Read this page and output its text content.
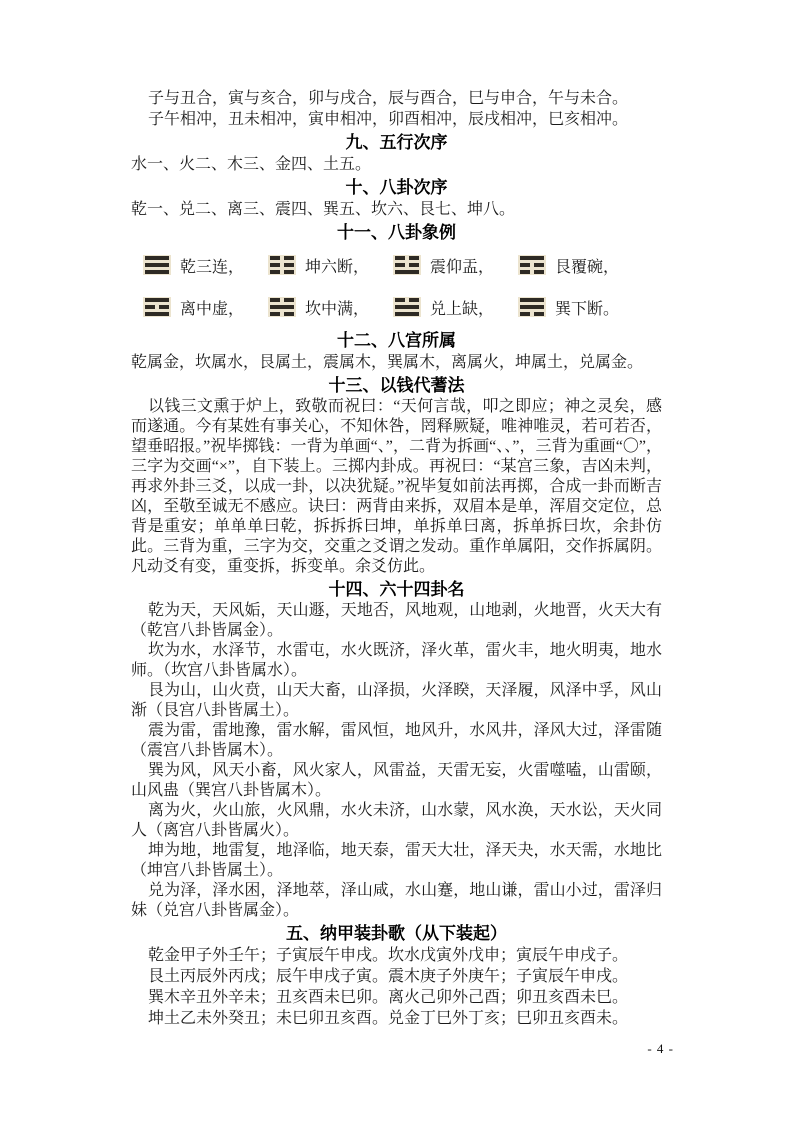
子与丑合，寅与亥合，卯与戌合，辰与酉合，巳与申合，午与未合。

子午相冲，丑未相冲，寅申相冲，卯酉相冲，辰戌相冲，巳亥相冲。

九、五行次序

水一、火二、木三、金四、土五。

十、八卦次序

乾一、兑二、离三、震四、巽五、坎六、艮七、坤八。

十一、八卦象例
乾三连，	坤六断，	震仰盂，	艮覆碗，
离中虚，	坎中满，	兑上缺，	巽下断。
十二、八宫所属

乾属金，坎属水，艮属土，震属木，巽属木，离属火，坤属土，兑属金。

十三、以钱代蓍法

以钱三文熏于炉上，致敬而祝曰：“天何言哉，叩之即应；神之灵矣，感而遂通。今有某姓有事关心，不知休咎，罔释厥疑，唯神唯灵，若可若否，望垂昭报。”祝毕掷钱：一背为单画“、”，二背为拆画“、、”，三背为重画“〇”，三字为交画“×”，自下装上。三掷内卦成。再祝曰：“某宫三象，吉凶未判，再求外卦三爻，以成一卦，以决犹疑。”祝毕复如前法再掷，合成一卦而断吉凶，至敬至诚无不感应。诀曰：两背由来拆，双眉本是单，浑眉交定位，总背是重安；单单单曰乾，拆拆拆曰坤，单拆单曰离，拆单拆曰坎，余卦仿此。三背为重，三字为交，交重之爻谓之发动。重作单属阳，交作拆属阴。凡动爻有变，重变拆，拆变单。余爻仿此。

十四、六十四卦名

乾为天，天风姤，天山遯，天地否，风地观，山地剥，火地晋，火天大有（乾宫八卦皆属金）。

坎为水，水泽节，水雷屯，水火既济，泽火革，雷火丰，地火明夷，地水师。（坎宫八卦皆属水）。

艮为山，山火贲，山天大畜，山泽损，火泽睽，天泽履，风泽中孚，风山渐（艮宫八卦皆属土）。

震为雷，雷地豫，雷水解，雷风恒，地风升，水风井，泽风大过，泽雷随（震宫八卦皆属木）。

巽为风，风天小畜，风火家人，风雷益，天雷无妄，火雷噬嗑，山雷颐，山风蛊（巽宫八卦皆属木）。

离为火，火山旅，火风鼎，水火未济，山水蒙，风水涣，天水讼，天火同人（离宫八卦皆属火）。

坤为地，地雷复，地泽临，地天泰，雷天大壮，泽天夬，水天需，水地比（坤宫八卦皆属土）。

兑为泽，泽水困，泽地萃，泽山咸，水山蹇，地山谦，雷山小过，雷泽归妹（兑宫八卦皆属金）。

五、纳甲装卦歌（从下装起）

乾金甲子外壬午；子寅辰午申戌。坎水戊寅外戊申；寅辰午申戌子。

艮土丙辰外丙戌；辰午申戌子寅。震木庚子外庚午；子寅辰午申戌。

巽木辛丑外辛未；丑亥酉未巳卯。离火己卯外己酉；卯丑亥酉未巳。

坤土乙未外癸丑；未巳卯丑亥酉。兑金丁巳外丁亥；巳卯丑亥酉未。

- 4 -
